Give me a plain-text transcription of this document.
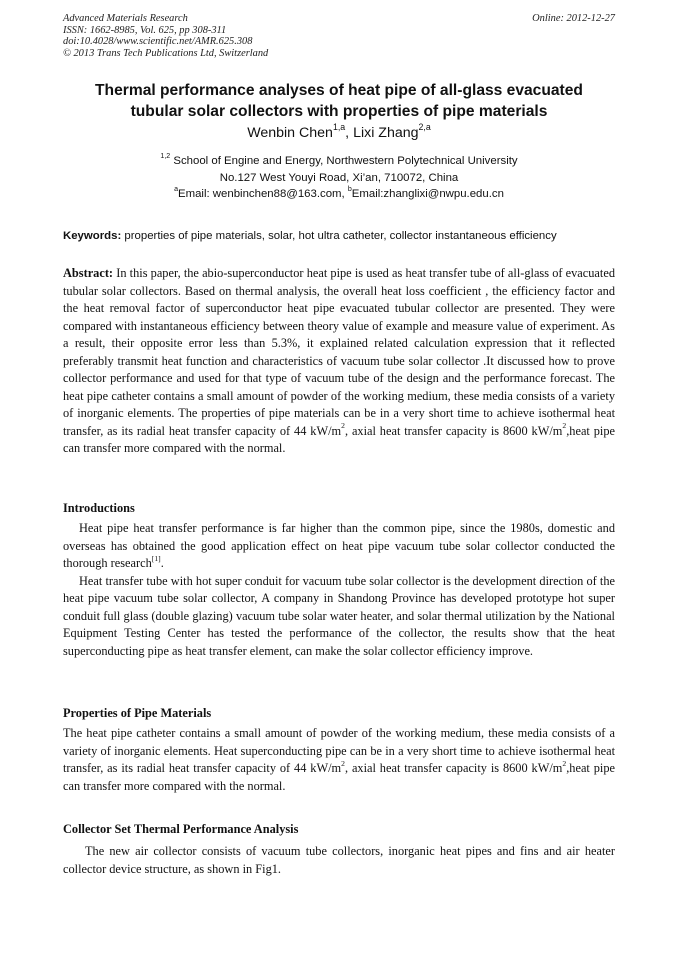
Advanced Materials Research
ISSN: 1662-8985, Vol. 625, pp 308-311
doi:10.4028/www.scientific.net/AMR.625.308
© 2013 Trans Tech Publications Ltd, Switzerland
Online: 2012-12-27
Thermal performance analyses of heat pipe of all-glass evacuated
tubular solar collectors with properties of pipe materials
Wenbin Chen$^{1,a}$, Lixi Zhang$^{2,a}$
$^{1,2}$ School of Engine and Energy, Northwestern Polytechnical University
No.127 West Youyi Road, Xi’an, 710072, China
$^a$Email: wenbinchen88@163.com, $^b$Email:zhanglixi@nwpu.edu.cn
Keywords: properties of pipe materials, solar, hot ultra catheter, collector instantaneous efficiency

Abstract: In this paper, the abio-superconductor heat pipe is used as heat transfer tube of all-glass of evacuated tubular solar collectors. Based on thermal analysis, the overall heat loss coefficient , the efficiency factor and the heat removal factor of superconductor heat pipe evacuated tubular collector are presented. They were compared with instantaneous efficiency between theory value of example and measure value of experiment. As a result, their opposite error less than 5.3%, it explained related calculation expression that it reflected preferably transmit heat function and characteristics of vacuum tube solar collector .It discussed how to prove collector performance and used for that type of vacuum tube of the design and the performance forecast. The heat pipe catheter contains a small amount of powder of the working medium, these media consists of a variety of inorganic elements. The properties of pipe materials can be in a very short time to achieve isothermal heat transfer, as its radial heat transfer capacity of 44 $kW/m^2$, axial heat transfer capacity is 8600 $kW/m^2,heat$ pipe can transfer more compared with the normal.

Introductions

Heat pipe heat transfer performance is far higher than the common pipe, since the 1980s, domestic and overseas has obtained the good application effect on heat pipe vacuum tube solar collector conducted the thorough research[1].

Heat transfer tube with hot super conduit for vacuum tube solar collector is the development direction of the heat pipe vacuum tube solar collector, A company in Shandong Province has developed prototype hot super conduit full glass (double glazing) vacuum tube solar water heater, and solar thermal utilization by the National Equipment Testing Center has tested the performance of the collector, the results show that the heat superconducting pipe as heat transfer element, can make the solar collector efficiency improve.

Properties of Pipe Materials

The heat pipe catheter contains a small amount of powder of the working medium, these media consists of a variety of inorganic elements. Heat superconducting pipe can be in a very short time to achieve isothermal heat transfer, as its radial heat transfer capacity of 44 $kW/m^2$, axial heat transfer capacity is 8600 $kW/m^2,heat$ pipe can transfer more compared with the normal.

Collector Set Thermal Performance Analysis

The new air collector consists of vacuum tube collectors, inorganic heat pipes and fins and air heater collector device structure, as shown in Fig1.
